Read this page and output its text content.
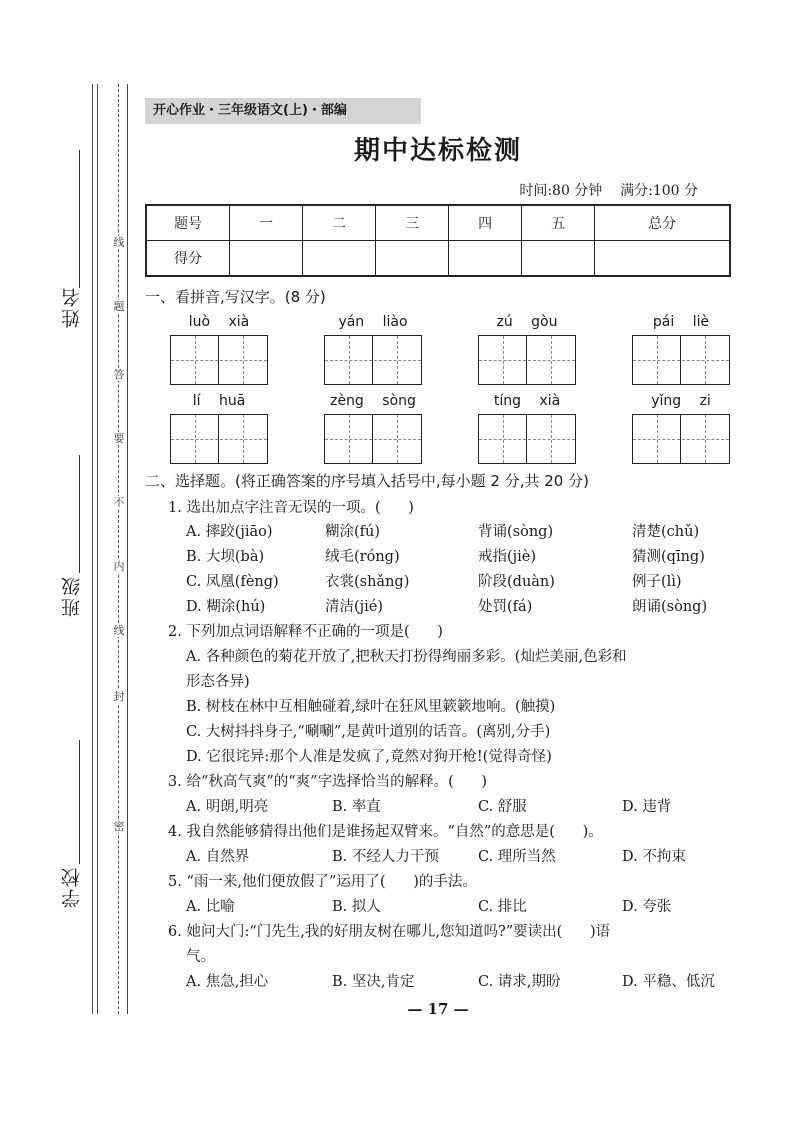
姓名
班级
学校
线
题
答
要
不
内
线
封
密
开心作业・三年级语文(上)・部编
期中达标检测
时间:80 分钟    满分:100 分
题号	一	二	三	四	五	总分
得分						
一、看拼音,写汉字。(8 分)
luò xià	yán liào	zú gòu	pái liè
lí huā	zèng sòng	tíng xià	yǐng zi
二、选择题。(将正确答案的序号填入括号中,每小题 2 分,共 20 分)
1. 选出加点字注音无误的一项。(      )
A. 摔跤(jiāo)	糊涂(fú)	背诵(sòng)	清楚(chǔ)
B. 大坝(bà)	绒毛(róng)	戒指(jiè)	猜测(qīng)
C. 凤凰(fèng)	衣裳(shǎng)	阶段(duàn)	例子(lì)
D. 糊涂(hú)	清洁(jié)	处罚(fá)	朗诵(sòng)
2. 下列加点词语解释不正确的一项是(      )
A. 各种颜色的菊花开放了,把秋天打扮得绚丽多彩。(灿烂美丽,色彩和
形态各异)
B. 树枝在林中互相触碰着,绿叶在狂风里簌簌地响。(触摸)
C. 大树抖抖身子,“唰唰”,是黄叶道别的话音。(离别,分手)
D. 它很诧异:那个人准是发疯了,竟然对狗开枪!(觉得奇怪)
3. 给“秋高气爽”的“爽”字选择恰当的解释。(      )
A. 明朗,明亮	B. 率直	C. 舒服	D. 违背
4. 我自然能够猜得出他们是谁扬起双臂来。“自然”的意思是(      )。
A. 自然界	B. 不经人力干预	C. 理所当然	D. 不拘束
5. “雨一来,他们便放假了”运用了(      )的手法。
A. 比喻	B. 拟人	C. 排比	D. 夸张
6. 她问大门:“门先生,我的好朋友树在哪儿,您知道吗?”要读出(      )语
气。
A. 焦急,担心	B. 坚决,肯定	C. 请求,期盼	D. 平稳、低沉
— 17 —
